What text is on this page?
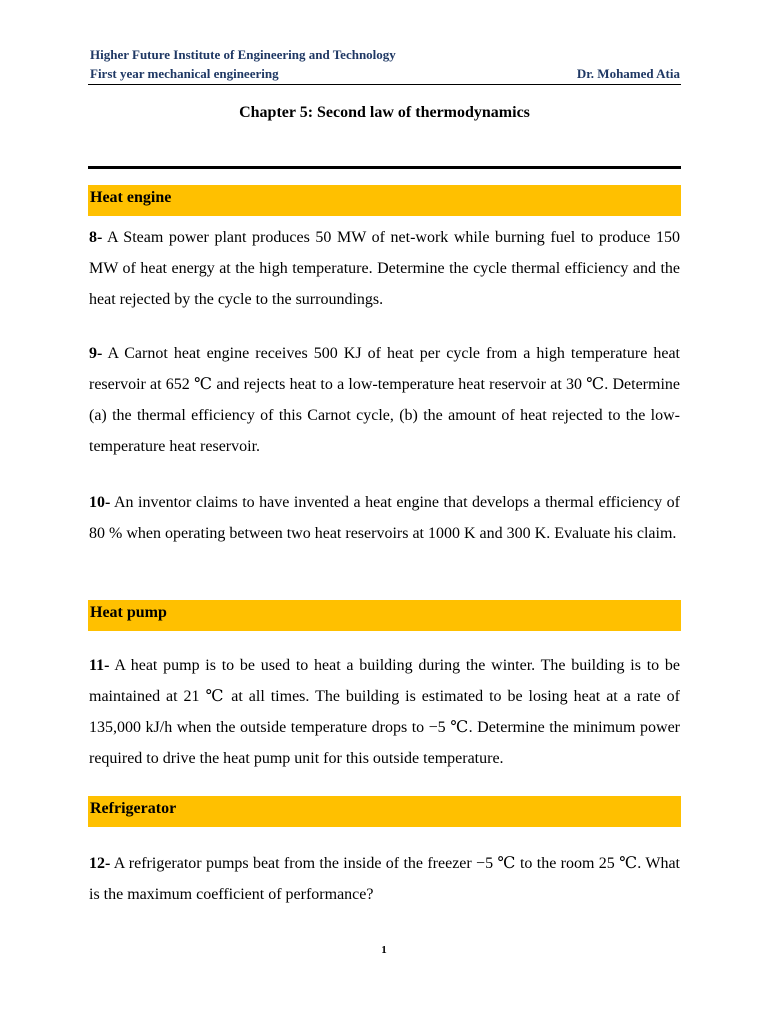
Higher Future Institute of Engineering and Technology
First year mechanical engineering	Dr. Mohamed Atia
Chapter 5: Second law of thermodynamics
Heat engine
8- A Steam power plant produces 50 MW of net-work while burning fuel to produce 150 MW of heat energy at the high temperature. Determine the cycle thermal efficiency and the heat rejected by the cycle to the surroundings.
9- A Carnot heat engine receives 500 KJ of heat per cycle from a high temperature heat reservoir at 652 ℃ and rejects heat to a low-temperature heat reservoir at 30 ℃. Determine (a) the thermal efficiency of this Carnot cycle, (b) the amount of heat rejected to the low-temperature heat reservoir.
10- An inventor claims to have invented a heat engine that develops a thermal efficiency of 80 % when operating between two heat reservoirs at 1000 K and 300 K. Evaluate his claim.
Heat pump
11- A heat pump is to be used to heat a building during the winter. The building is to be maintained at 21 ℃ at all times. The building is estimated to be losing heat at a rate of 135,000 kJ/h when the outside temperature drops to −5 ℃. Determine the minimum power required to drive the heat pump unit for this outside temperature.
Refrigerator
12- A refrigerator pumps beat from the inside of the freezer −5 ℃ to the room 25 ℃. What is the maximum coefficient of performance?
1
